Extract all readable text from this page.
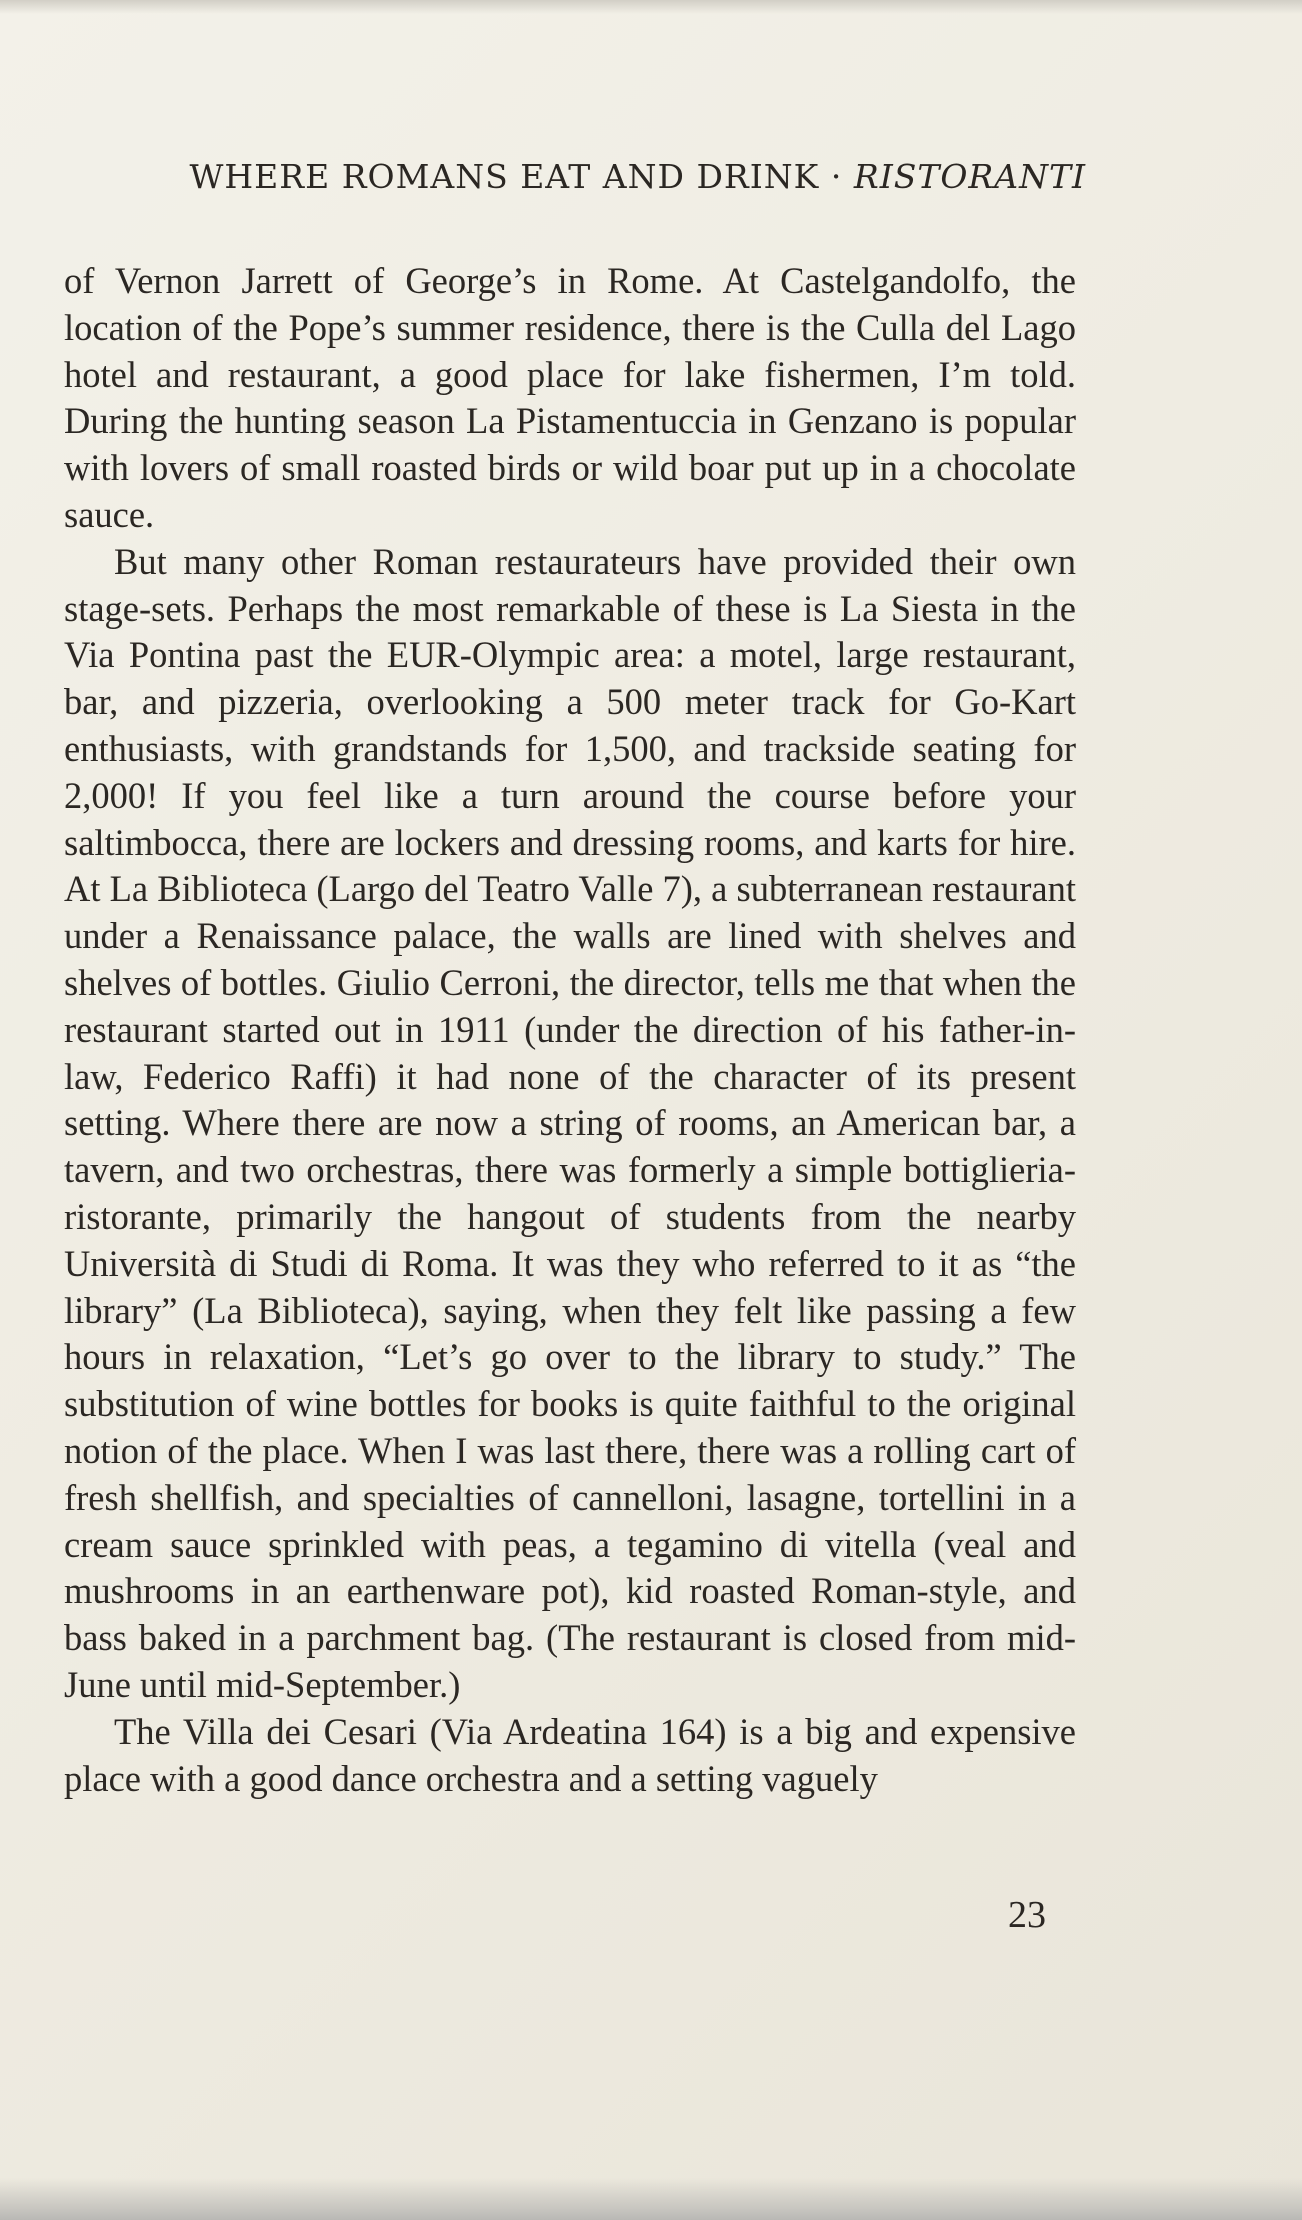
WHERE ROMANS EAT AND DRINK · RISTORANTI

of Vernon Jarrett of George’s in Rome. At Castelgandolfo, the location of the Pope’s summer residence, there is the Culla del Lago hotel and restaurant, a good place for lake fishermen, I’m told. During the hunting season La Pistamentuccia in Genzano is popular with lovers of small roasted birds or wild boar put up in a chocolate sauce.

But many other Roman restaurateurs have provided their own stage-sets. Perhaps the most remarkable of these is La Siesta in the Via Pontina past the EUR-Olympic area: a motel, large restaurant, bar, and pizzeria, overlooking a 500 meter track for Go-Kart enthusiasts, with grandstands for 1,500, and trackside seating for 2,000! If you feel like a turn around the course before your saltimbocca, there are lockers and dressing rooms, and karts for hire. At La Biblioteca (Largo del Teatro Valle 7), a subterranean restaurant under a Renaissance palace, the walls are lined with shelves and shelves of bottles. Giulio Cerroni, the director, tells me that when the restaurant started out in 1911 (under the direction of his father-in-law, Federico Raffi) it had none of the character of its present setting. Where there are now a string of rooms, an American bar, a tavern, and two orchestras, there was formerly a simple bottiglieria-ristorante, primarily the hangout of students from the nearby Università di Studi di Roma. It was they who referred to it as “the library” (La Biblioteca), saying, when they felt like passing a few hours in relaxation, “Let’s go over to the library to study.” The substitution of wine bottles for books is quite faithful to the original notion of the place. When I was last there, there was a rolling cart of fresh shellfish, and specialties of cannelloni, lasagne, tortellini in a cream sauce sprinkled with peas, a tegamino di vitella (veal and mushrooms in an earthenware pot), kid roasted Roman-style, and bass baked in a parchment bag. (The restaurant is closed from mid-June until mid-September.)

The Villa dei Cesari (Via Ardeatina 164) is a big and expensive place with a good dance orchestra and a setting vaguely

23
